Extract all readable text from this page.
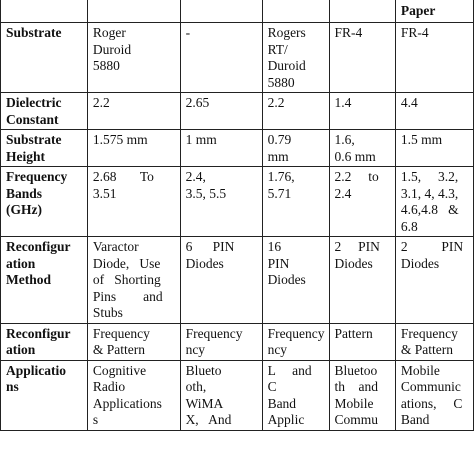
					Paper

Substrate	Roger
Duroid
5880	-	Rogers
RT/
Duroid
5880	FR-4	FR-4

Dielectric
Constant	2.2	2.65	2.2	1.4	4.4

Substrate
Height	1.575 mm	1 mm	0.79
mm	1.6,
0.6 mm	1.5 mm

Frequency
Bands
(GHz)	2.68       To
3.51	2.4,
3.5, 5.5	1.76,
5.71	2.2     to
2.4	1.5,     3.2,
3.1, 4, 4.3,
4.6,4.8   &
6.8

Reconfigur
ation
Method	Varactor
Diode,   Use
of   Shorting
Pins        and
Stubs	6      PIN
Diodes	16
PIN
Diodes	2     PIN
Diodes	2          PIN
Diodes

Reconfigur
ation	Frequency
& Pattern	Frequency
ncy	Frequency
ncy	Pattern	Frequency
& Pattern

Applicatio
ns	Cognitive
Radio
Applications
s	Blueto
oth,
WiMA
X,   And	L     and
C
Band
Applic	Bluetoo
th    and
Mobile
Commu	Mobile
Communic
ations,     C
Band
